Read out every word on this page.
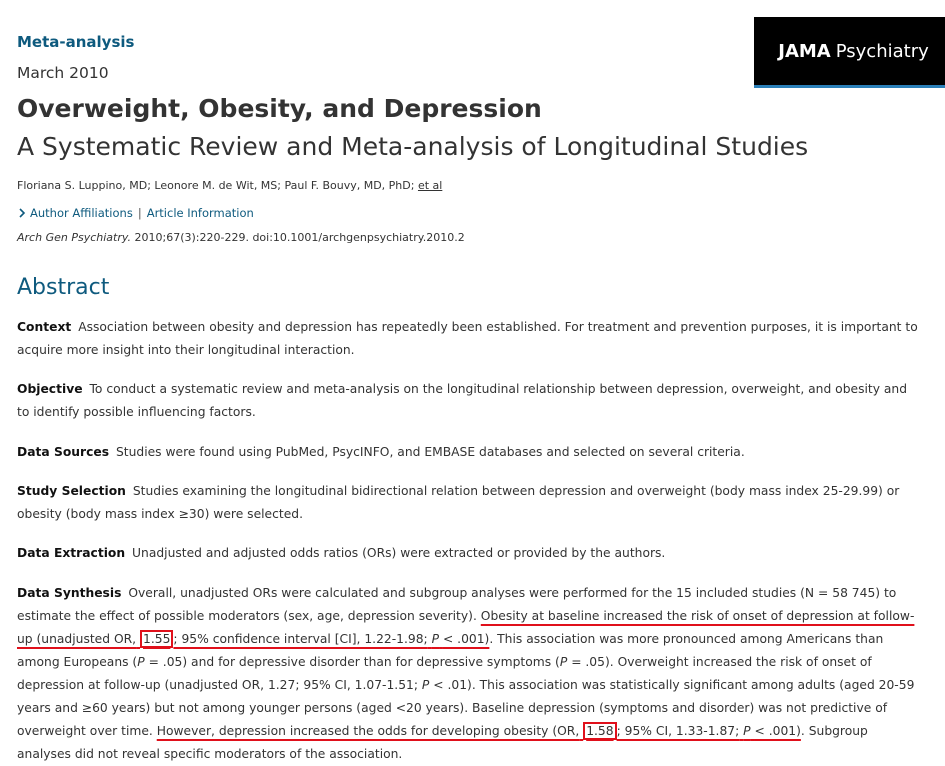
Meta-analysis
March 2010
JAMA Psychiatry
Overweight, Obesity, and Depression
A Systematic Review and Meta-analysis of Longitudinal Studies
Floriana S. Luppino, MD; Leonore M. de Wit, MS; Paul F. Bouvy, MD, PhD; et al
Author Affiliations | Article Information
Arch Gen Psychiatry. 2010;67(3):220-229. doi:10.1001/archgenpsychiatry.2010.2
Abstract
Context Association between obesity and depression has repeatedly been established. For treatment and prevention purposes, it is important to acquire more insight into their longitudinal interaction.
Objective To conduct a systematic review and meta-analysis on the longitudinal relationship between depression, overweight, and obesity and to identify possible influencing factors.
Data Sources Studies were found using PubMed, PsycINFO, and EMBASE databases and selected on several criteria.
Study Selection Studies examining the longitudinal bidirectional relation between depression and overweight (body mass index 25-29.99) or obesity (body mass index ≥30) were selected.
Data Extraction Unadjusted and adjusted odds ratios (ORs) were extracted or provided by the authors.
Data Synthesis Overall, unadjusted ORs were calculated and subgroup analyses were performed for the 15 included studies (N = 58 745) to estimate the effect of possible moderators (sex, age, depression severity). Obesity at baseline increased the risk of onset of depression at follow-up (unadjusted OR, 1.55 ; 95% confidence interval [CI], 1.22-1.98; P < .001). This association was more pronounced among Americans than among Europeans (P = .05) and for depressive disorder than for depressive symptoms (P = .05). Overweight increased the risk of onset of depression at follow-up (unadjusted OR, 1.27; 95% CI, 1.07-1.51; P < .01). This association was statistically significant among adults (aged 20-59 years and ≥60 years) but not among younger persons (aged <20 years). Baseline depression (symptoms and disorder) was not predictive of overweight over time. However, depression increased the odds for developing obesity (OR, 1.58 ; 95% CI, 1.33-1.87; P < .001). Subgroup analyses did not reveal specific moderators of the association.
